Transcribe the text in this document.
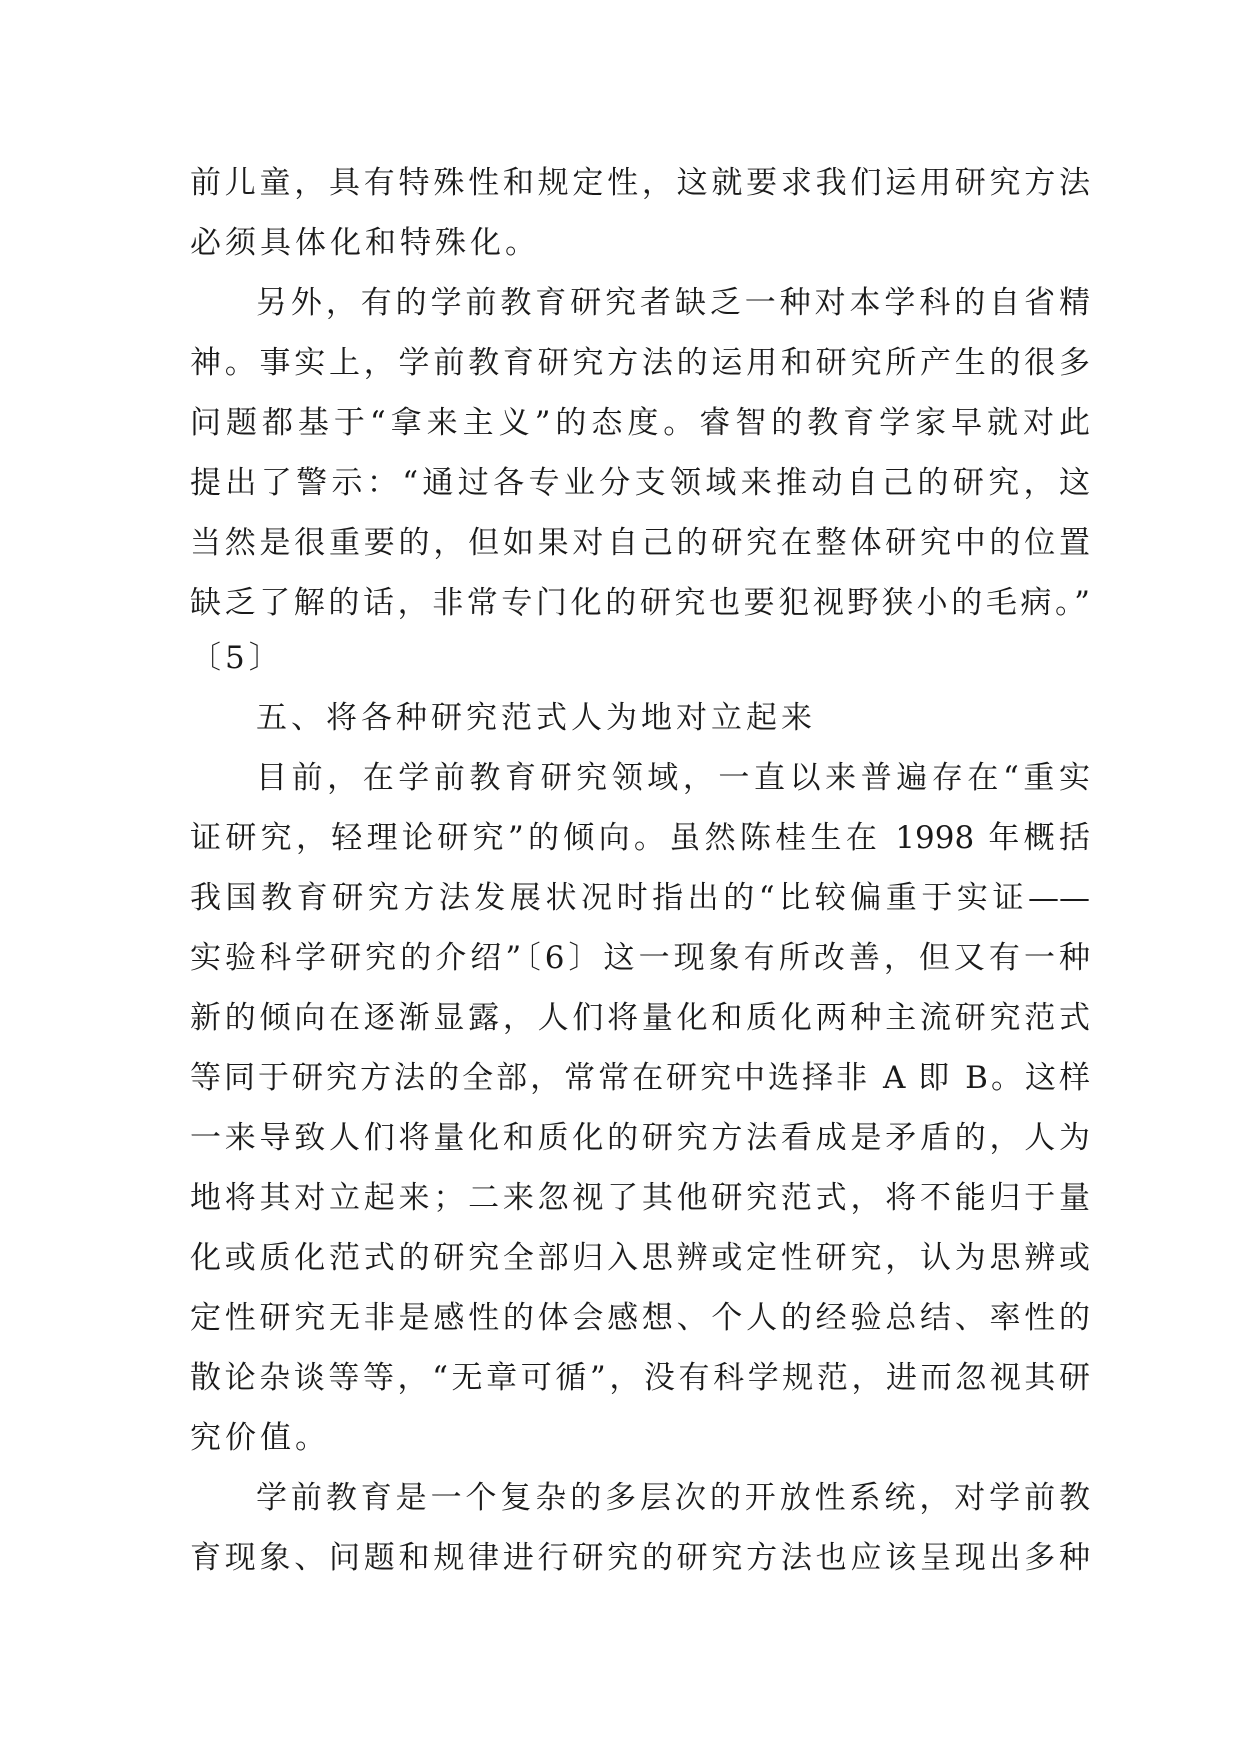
前儿童，具有特殊性和规定性，这就要求我们运用研究方法
必须具体化和特殊化。
另外，有的学前教育研究者缺乏一种对本学科的自省精
神。事实上，学前教育研究方法的运用和研究所产生的很多
问题都基于“拿来主义”的态度。睿智的教育学家早就对此
提出了警示：“通过各专业分支领域来推动自己的研究，这
当然是很重要的，但如果对自己的研究在整体研究中的位置
缺乏了解的话，非常专门化的研究也要犯视野狭小的毛病。”
〔5〕
五、将各种研究范式人为地对立起来
目前，在学前教育研究领域，一直以来普遍存在“重实
证研究，轻理论研究”的倾向。虽然陈桂生在 1998 年概括
我国教育研究方法发展状况时指出的“比较偏重于实证——
实验科学研究的介绍”〔6〕这一现象有所改善，但又有一种
新的倾向在逐渐显露，人们将量化和质化两种主流研究范式
等同于研究方法的全部，常常在研究中选择非 A 即 B。这样
一来导致人们将量化和质化的研究方法看成是矛盾的，人为
地将其对立起来；二来忽视了其他研究范式，将不能归于量
化或质化范式的研究全部归入思辨或定性研究，认为思辨或
定性研究无非是感性的体会感想、个人的经验总结、率性的
散论杂谈等等，“无章可循”，没有科学规范，进而忽视其研
究价值。
学前教育是一个复杂的多层次的开放性系统，对学前教
育现象、问题和规律进行研究的研究方法也应该呈现出多种
